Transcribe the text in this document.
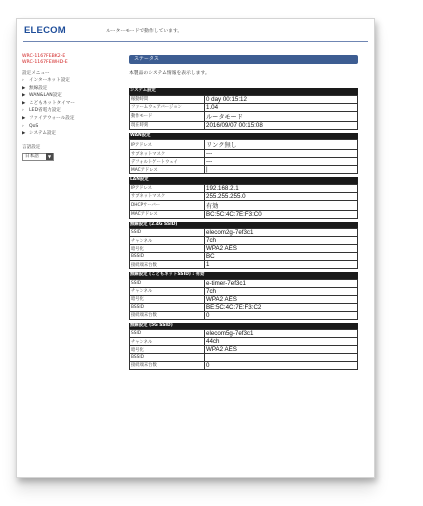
ELECOM	ルーターモードで動作しています。
WRC-1167FEBK2-E
WRC-1167FEWHD-E
設定メニュー
›	インターネット設定
▶ 無線設定
▶ WAN&LAN設定
▶ こどもネットタイマー
›	LED省電力設定
▶ ファイアウォール設定
›	QoS
▶ システム設定
言語設定
日本語	▼
ステータス
本製品のシステム情報を表示します。
システム設定
稼動時間	0 day 00:15:12
ファームウェアバージョン	1.04
動作モード	ルータモード
現在時刻	2016/09/07 00:15:08
WAN設定
IPアドレス	リンク無し
サブネットマスク	---
デフォルトゲートウェイ	---
MACアドレス	|
LAN設定
IPアドレス	192.168.2.1
サブネットマスク	255.255.255.0
DHCPサーバー	有効
MACアドレス	BC:5C:4C:7E:F3:C0
無線設定 (2.4G SSID)
SSID	elecom2g-7ef3c1
チャンネル	7ch
暗号化	WPA2 AES
BSSID	BC
接続端末台数	1
無線設定 (こどもネットSSID) : 有効
SSID	e-timer-7ef3c1
チャンネル	7ch
暗号化	WPA2 AES
BSSID	BE:5C:4C:7E:F3:C2
接続端末台数	0
無線設定 (5G SSID)
SSID	elecom5g-7ef3c1
チャンネル	44ch
暗号化	WPA2 AES
BSSID	
接続端末台数	0
